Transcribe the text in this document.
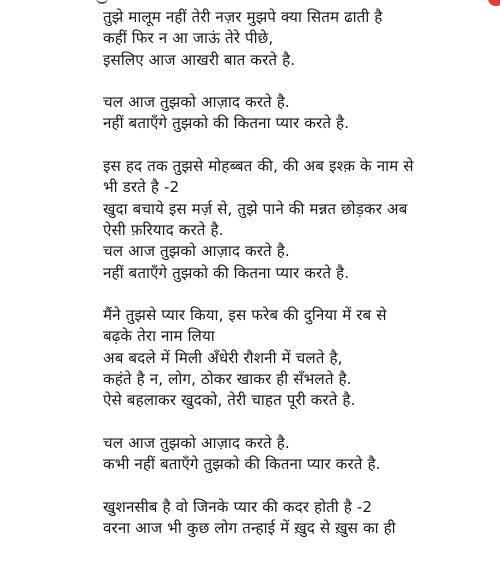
तुझे मालूम नहीं तेरी नज़र मुझपे क्या सितम ढाती है
कहीं फिर न आ जाऊं तेरे पीछे,
इसलिए आज आखरी बात करते है.
चल आज तुझको आज़ाद करते है.
नहीं बताएँगे तुझको की कितना प्यार करते है.
इस हद तक तुझसे मोहब्बत की, की अब इश्क़ के नाम से
भी डरते है -2
खुदा बचाये इस मर्ज़ से, तुझे पाने की मन्नत छोड़कर अब
ऐसी फ़रियाद करते है.
चल आज तुझको आज़ाद करते है.
नहीं बताएँगे तुझको की कितना प्यार करते है.
मैंने तुझसे प्यार किया, इस फरेब की दुनिया में रब से
बढ़के तेरा नाम लिया
अब बदले में मिली अँधेरी रौशनी में चलते है,
कहंते है न, लोग, ठोकर खाकर ही सँभलते है.
ऐसे बहलाकर खुदको, तेरी चाहत पूरी करते है.
चल आज तुझको आज़ाद करते है.
कभी नहीं बताएँगे तुझको की कितना प्यार करते है.
खुशनसीब है वो जिनके प्यार की कदर होती है -2
वरना आज भी कुछ लोग तन्हाई में ख़ुद से ख़ुस का ही
